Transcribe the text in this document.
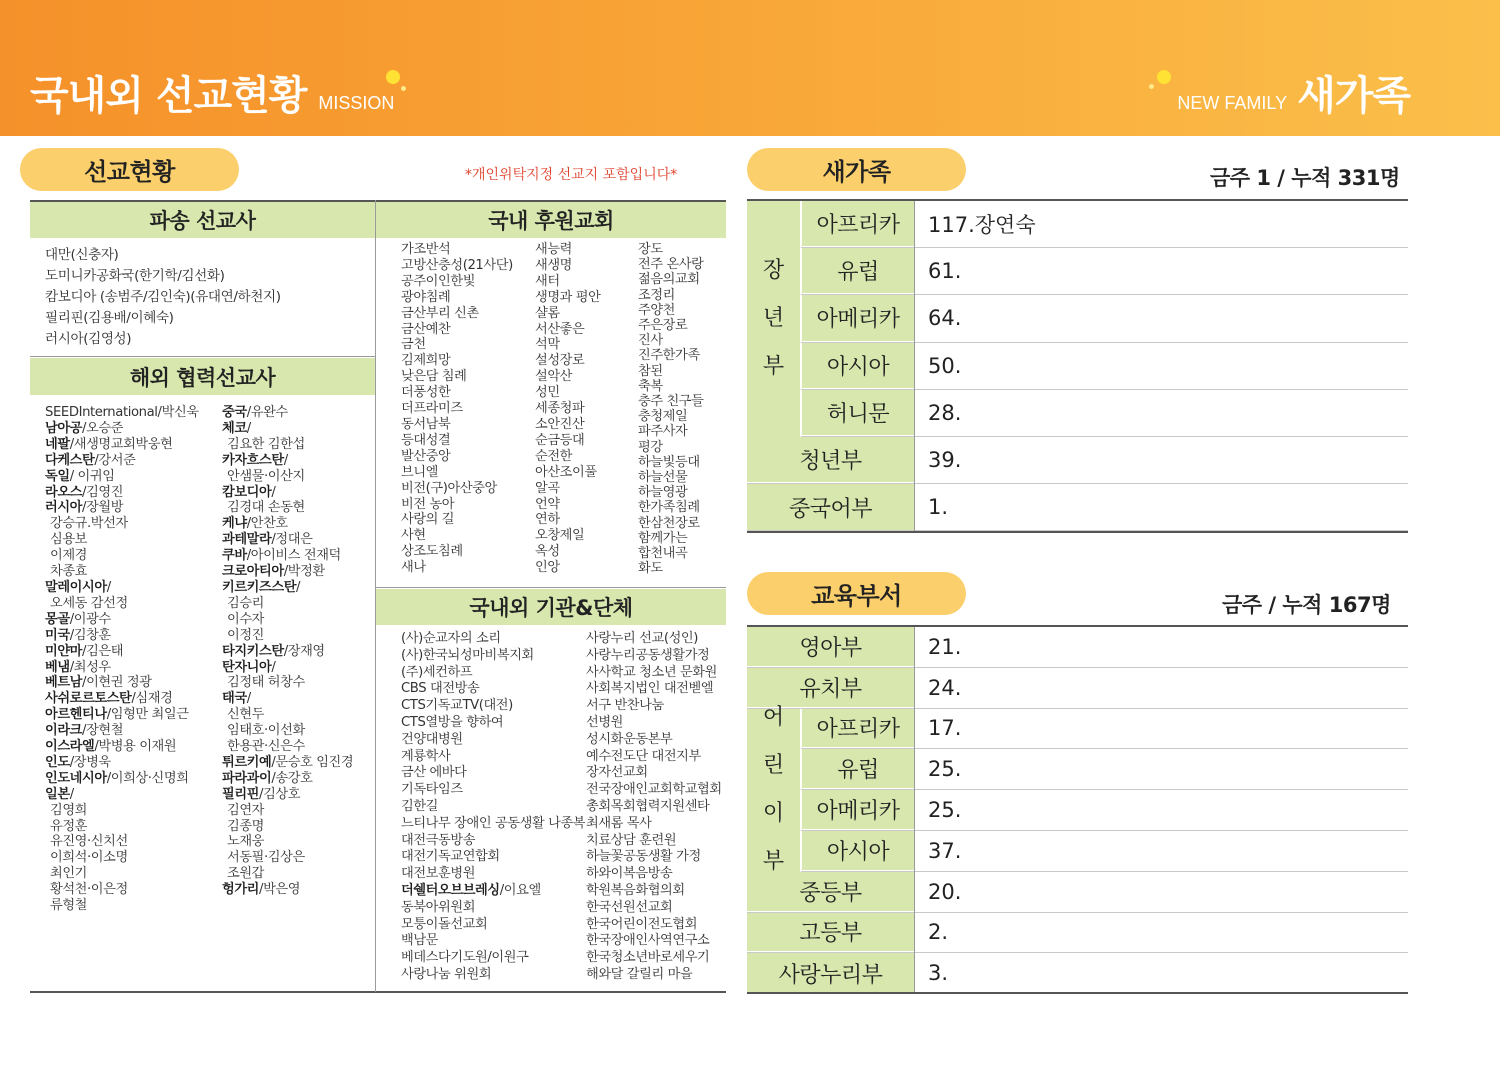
국내외 선교현황 MISSION	NEW FAMILY 새가족
선교현황	*개인위탁지정 선교지 포함입니다*
파송 선교사
대만(신충자)
도미니카공화국(한기학/김선화)
캄보디아 (송범주/김인숙)(유대연/하천지)
필리핀(김용배/이혜숙)
러시아(김영성)
해외 협력선교사
SEEDInternational/박신욱
남아공/오승준
네팔/새생명교회박웅현
다케스탄/강서준
독일/ 이귀임
라오스/김영진
러시아/장월방
강승규.박선자
심용보
이제경
차종효
말레이시아/
오세동 감선정
몽골/이광수
미국/김창훈
미얀마/김은태
베냄/최성우
베트남/이현권 정광
사쉬로르토스탄/심재경
아르헨티나/임형만 최일근
이라크/장현철
이스라엘/박병용 이재원
인도/장병욱
인도네시아/이희상·신명희
일본/
김영희
유정훈
유진영·신치선
이희석·이소명
최인기
황석천·이은정
류형철
중국/유완수
체코/
김요한 김한섭
카자흐스탄/
안샘물·이산지
캄보디아/
김경대 손동현
케냐/안찬호
과테말라/정대은
쿠바/아이비스 전재덕
크로아티아/박정환
키르키즈스탄/
김승리
이수자
이정진
타지키스탄/장재영
탄자니아/
김정태 허창수
태국/
신현두
임태호·이선화
한용관·신은수
튀르키예/문승호 임진경
파라과이/송강호
필리핀/김상호
김연자
김종명
노재웅
서동필·김상은
조원갑
헝가리/박은영
국내 후원교회
가조반석
고방산충성(21사단)
공주이인한빛
광야침례
금산부리 신촌
금산예찬
금천
김제희망
낮은담 침례
더풍성한
더프라미즈
동서남북
등대성결
발산중앙
브니엘
비전(구)아산중앙
비전 농아
사랑의 길
사현
상조도침례
새나
새능력
새생명
새터
생명과 평안
샬롬
서산좋은
석막
설성장로
설악산
성민
세종청파
소안진산
순금등대
순전한
아산조이풀
알곡
언약
연하
오창제일
옥성
인앙
장도
전주 온사랑
젊음의교회
조정리
주양천
주은장로
진사
진주한가족
참된
축복
충주 친구들
충청제일
파주사자
평강
하늘빛등대
하늘선물
하늘영광
한가족침례
한삼천장로
함께가는
합천내곡
화도
국내외 기관&단체
(사)순교자의 소리
(사)한국뇌성마비복지회
(주)세컨하프
CBS 대전방송
CTS기독교TV(대전)
CTS열방을 향하여
건양대병원
계룡학사
금산 에바다
기독타임즈
김한길
느티나무 장애인 공동생활 나종복
대전극동방송
대전기독교연합회
대전보훈병원
더쉘터오브브레싱/이요엘
동북아위원회
모퉁이돌선교회
백남문
베데스다기도원/이원구
사랑나눔 위원회
사랑누리 선교(성인)
사랑누리공동생활가정
사사학교 청소년 문화원
사회복지법인 대전벧엘
서구 반찬나눔
선병원
성시화운동본부
예수전도단 대전지부
장자선교회
전국장애인교회학교협회
총회목회협력지원센타
최새롬 목사
치료상담 훈련원
하늘꽃공동생활 가정
하와이복음방송
학원복음화협의회
한국선원선교회
한국어린이전도협회
한국장애인사역연구소
한국청소년바로세우기
해와달 갈릴리 마을
새가족	금주 1 / 누적 331명
아프리카	117.장연숙
유럽	61.
아메리카	64.
아시아	50.
허니문	28.
청년부	39.
중국어부	1.
장
년
부
교육부서	금주 / 누적 167명
영아부	21.
유치부	24.
아프리카	17.
유럽	25.
아메리카	25.
아시아	37.
중등부	20.
고등부	2.
사랑누리부	3.
어
린
이
부
